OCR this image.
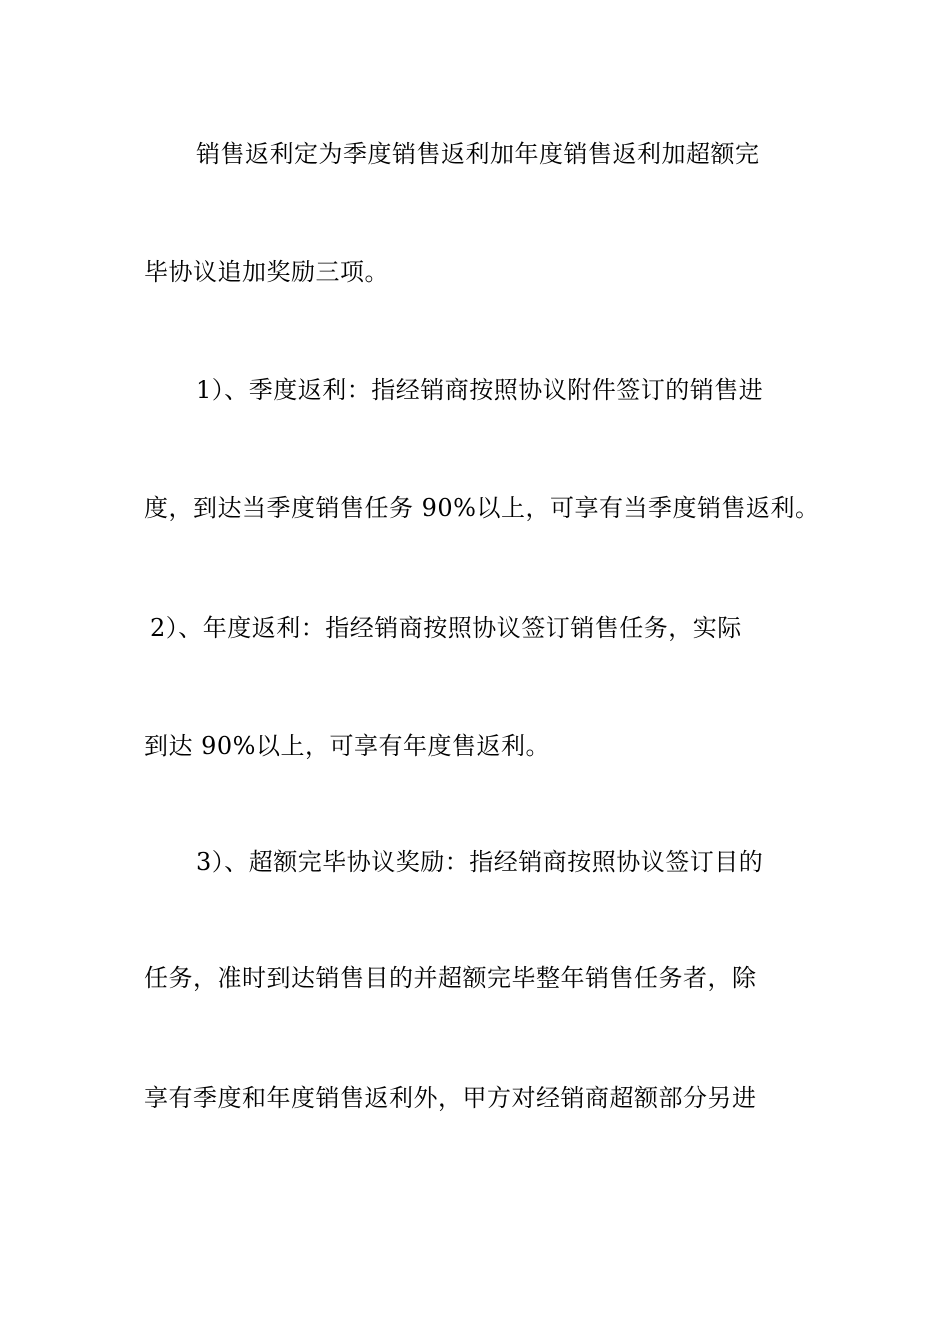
销售返利定为季度销售返利加年度销售返利加超额完
毕协议追加奖励三项。
1）、季度返利：指经销商按照协议附件签订的销售进
度，到达当季度销售任务 90%以上，可享有当季度销售返利。
2）、年度返利：指经销商按照协议签订销售任务，实际
到达 90%以上，可享有年度售返利。
3）、超额完毕协议奖励：指经销商按照协议签订目的
任务，准时到达销售目的并超额完毕整年销售任务者，除
享有季度和年度销售返利外，甲方对经销商超额部分另进
